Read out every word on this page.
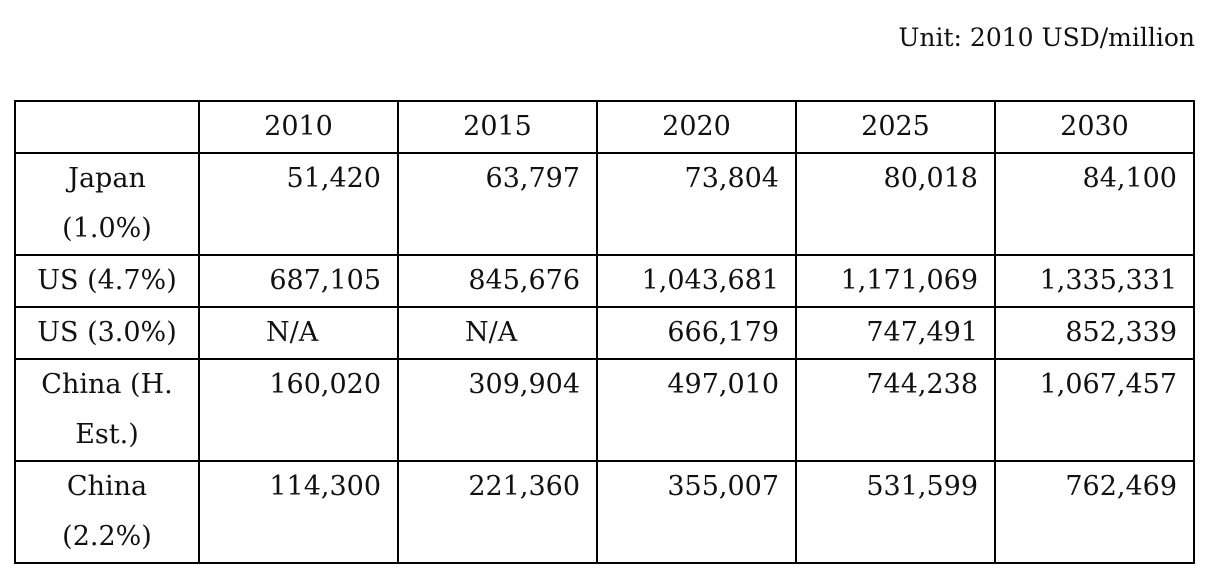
Unit: 2010 USD/million
	2010	2015	2020	2025	2030
Japan
(1.0%)	51,420	63,797	73,804	80,018	84,100
US (4.7%)	687,105	845,676	1,043,681	1,171,069	1,335,331
US (3.0%)	N/A	N/A	666,179	747,491	852,339
China (H.
Est.)	160,020	309,904	497,010	744,238	1,067,457
China
(2.2%)	114,300	221,360	355,007	531,599	762,469
